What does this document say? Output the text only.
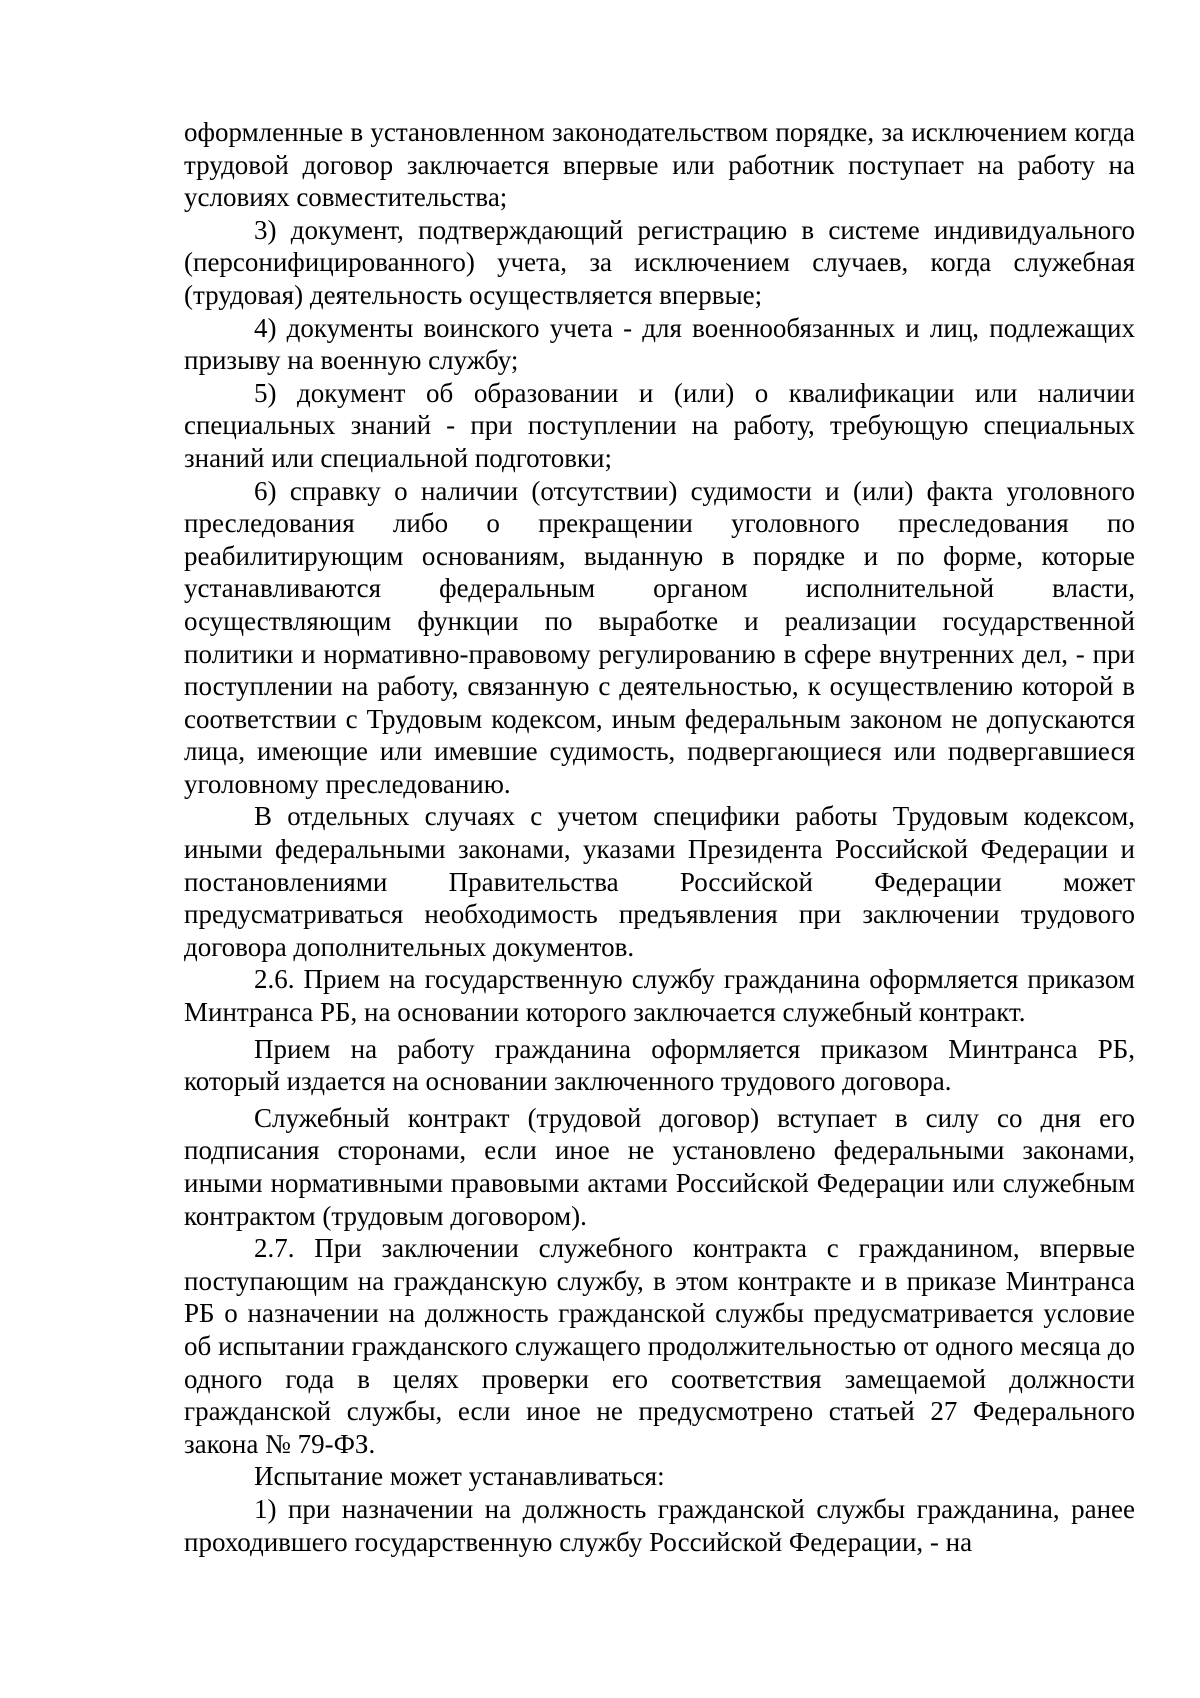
оформленные в установленном законодательством порядке, за исключением когда трудовой договор заключается впервые или работник поступает на работу на условиях совместительства;

3) документ, подтверждающий регистрацию в системе индивидуального (персонифицированного) учета, за исключением случаев, когда служебная (трудовая) деятельность осуществляется впервые;

4) документы воинского учета - для военнообязанных и лиц, подлежащих призыву на военную службу;

5) документ об образовании и (или) о квалификации или наличии специальных знаний - при поступлении на работу, требующую специальных знаний или специальной подготовки;

6) справку о наличии (отсутствии) судимости и (или) факта уголовного преследования либо о прекращении уголовного преследования по реабилитирующим основаниям, выданную в порядке и по форме, которые устанавливаются федеральным органом исполнительной власти, осуществляющим функции по выработке и реализации государственной политики и нормативно-правовому регулированию в сфере внутренних дел, - при поступлении на работу, связанную с деятельностью, к осуществлению которой в соответствии с Трудовым кодексом, иным федеральным законом не допускаются лица, имеющие или имевшие судимость, подвергающиеся или подвергавшиеся уголовному преследованию.

В отдельных случаях с учетом специфики работы Трудовым кодексом, иными федеральными законами, указами Президента Российской Федерации и постановлениями Правительства Российской Федерации может предусматриваться необходимость предъявления при заключении трудового договора дополнительных документов.

2.6. Прием на государственную службу гражданина оформляется приказом Минтранса РБ, на основании которого заключается служебный контракт.

Прием на работу гражданина оформляется приказом Минтранса РБ, который издается на основании заключенного трудового договора.

Служебный контракт (трудовой договор) вступает в силу со дня его подписания сторонами, если иное не установлено федеральными законами, иными нормативными правовыми актами Российской Федерации или служебным контрактом (трудовым договором).

2.7. При заключении служебного контракта с гражданином, впервые поступающим на гражданскую службу, в этом контракте и в приказе Минтранса РБ о назначении на должность гражданской службы предусматривается условие об испытании гражданского служащего продолжительностью от одного месяца до одного года в целях проверки его соответствия замещаемой должности гражданской службы, если иное не предусмотрено статьей 27 Федерального закона № 79-ФЗ.

Испытание может устанавливаться:

1) при назначении на должность гражданской службы гражданина, ранее проходившего государственную службу Российской Федерации, - на
